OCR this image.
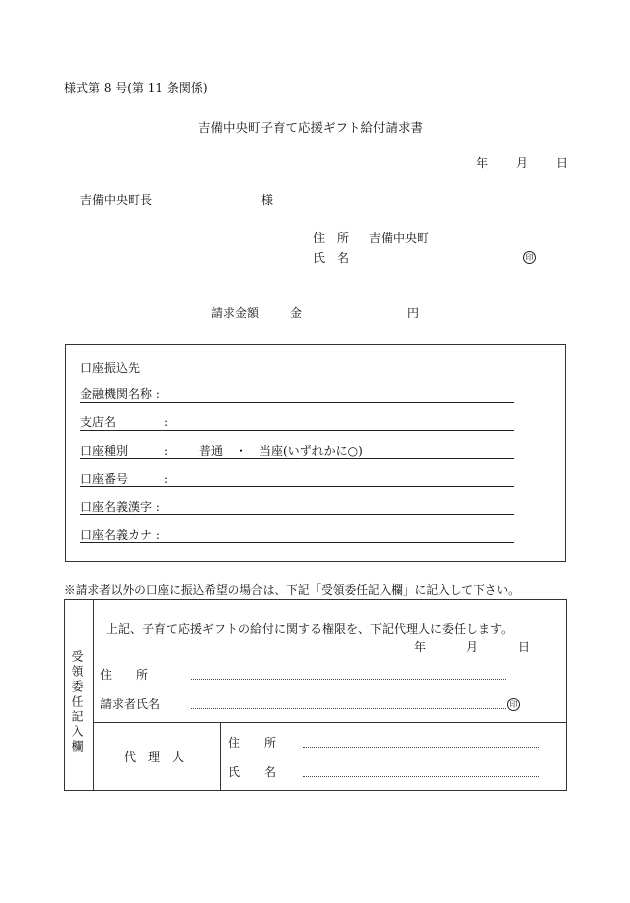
様式第 8 号(第 11 条関係)
吉備中央町子育て応援ギフト給付請求書
年 月 日
吉備中央町長	様
住　所 吉備中央町
氏　名	印
請求金額	金	円
口座振込先
金融機関名称 :
支店名	:
口座種別	:	普通　・　当座(いずれかに○)
口座番号	:
口座名義漢字 :
口座名義カナ :
※請求者以外の口座に振込希望の場合は、下記「受領委任記入欄」に記入して下さい。
受領委任記入欄
上記、子育て応援ギフトの給付に関する権限を、下記代理人に委任します。
年	月	日
住　　所
請求者氏名	印
代　理　人
住　　所
氏　　名
